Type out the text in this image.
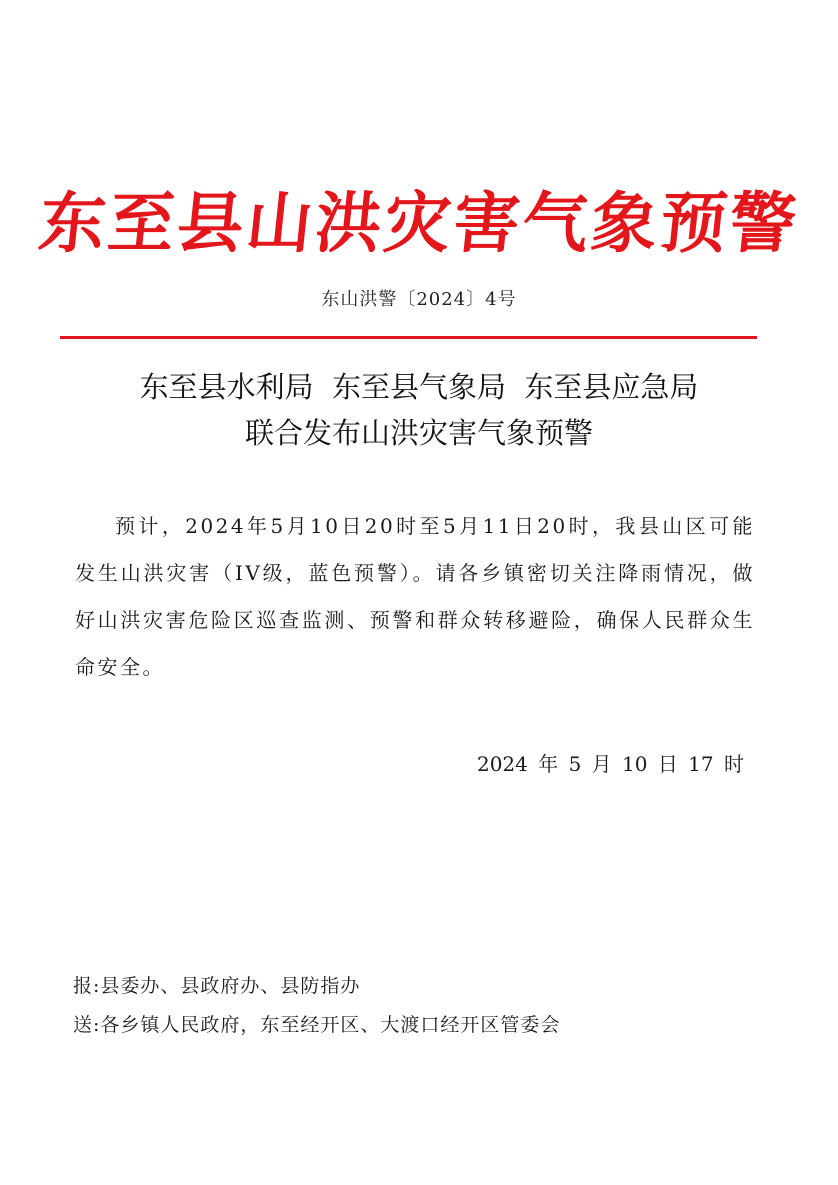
东至县山洪灾害气象预警
东山洪警〔2024〕4号
东至县水利局  东至县气象局  东至县应急局
联合发布山洪灾害气象预警

预计，2024年5月10日20时至5月11日20时，我县山区可能发生山洪灾害（IV级，蓝色预警）。请各乡镇密切关注降雨情况，做好山洪灾害危险区巡查监测、预警和群众转移避险，确保人民群众生命安全。

2024 年 5 月 10 日 17 时
报:县委办、县政府办、县防指办
送:各乡镇人民政府，东至经开区、大渡口经开区管委会
